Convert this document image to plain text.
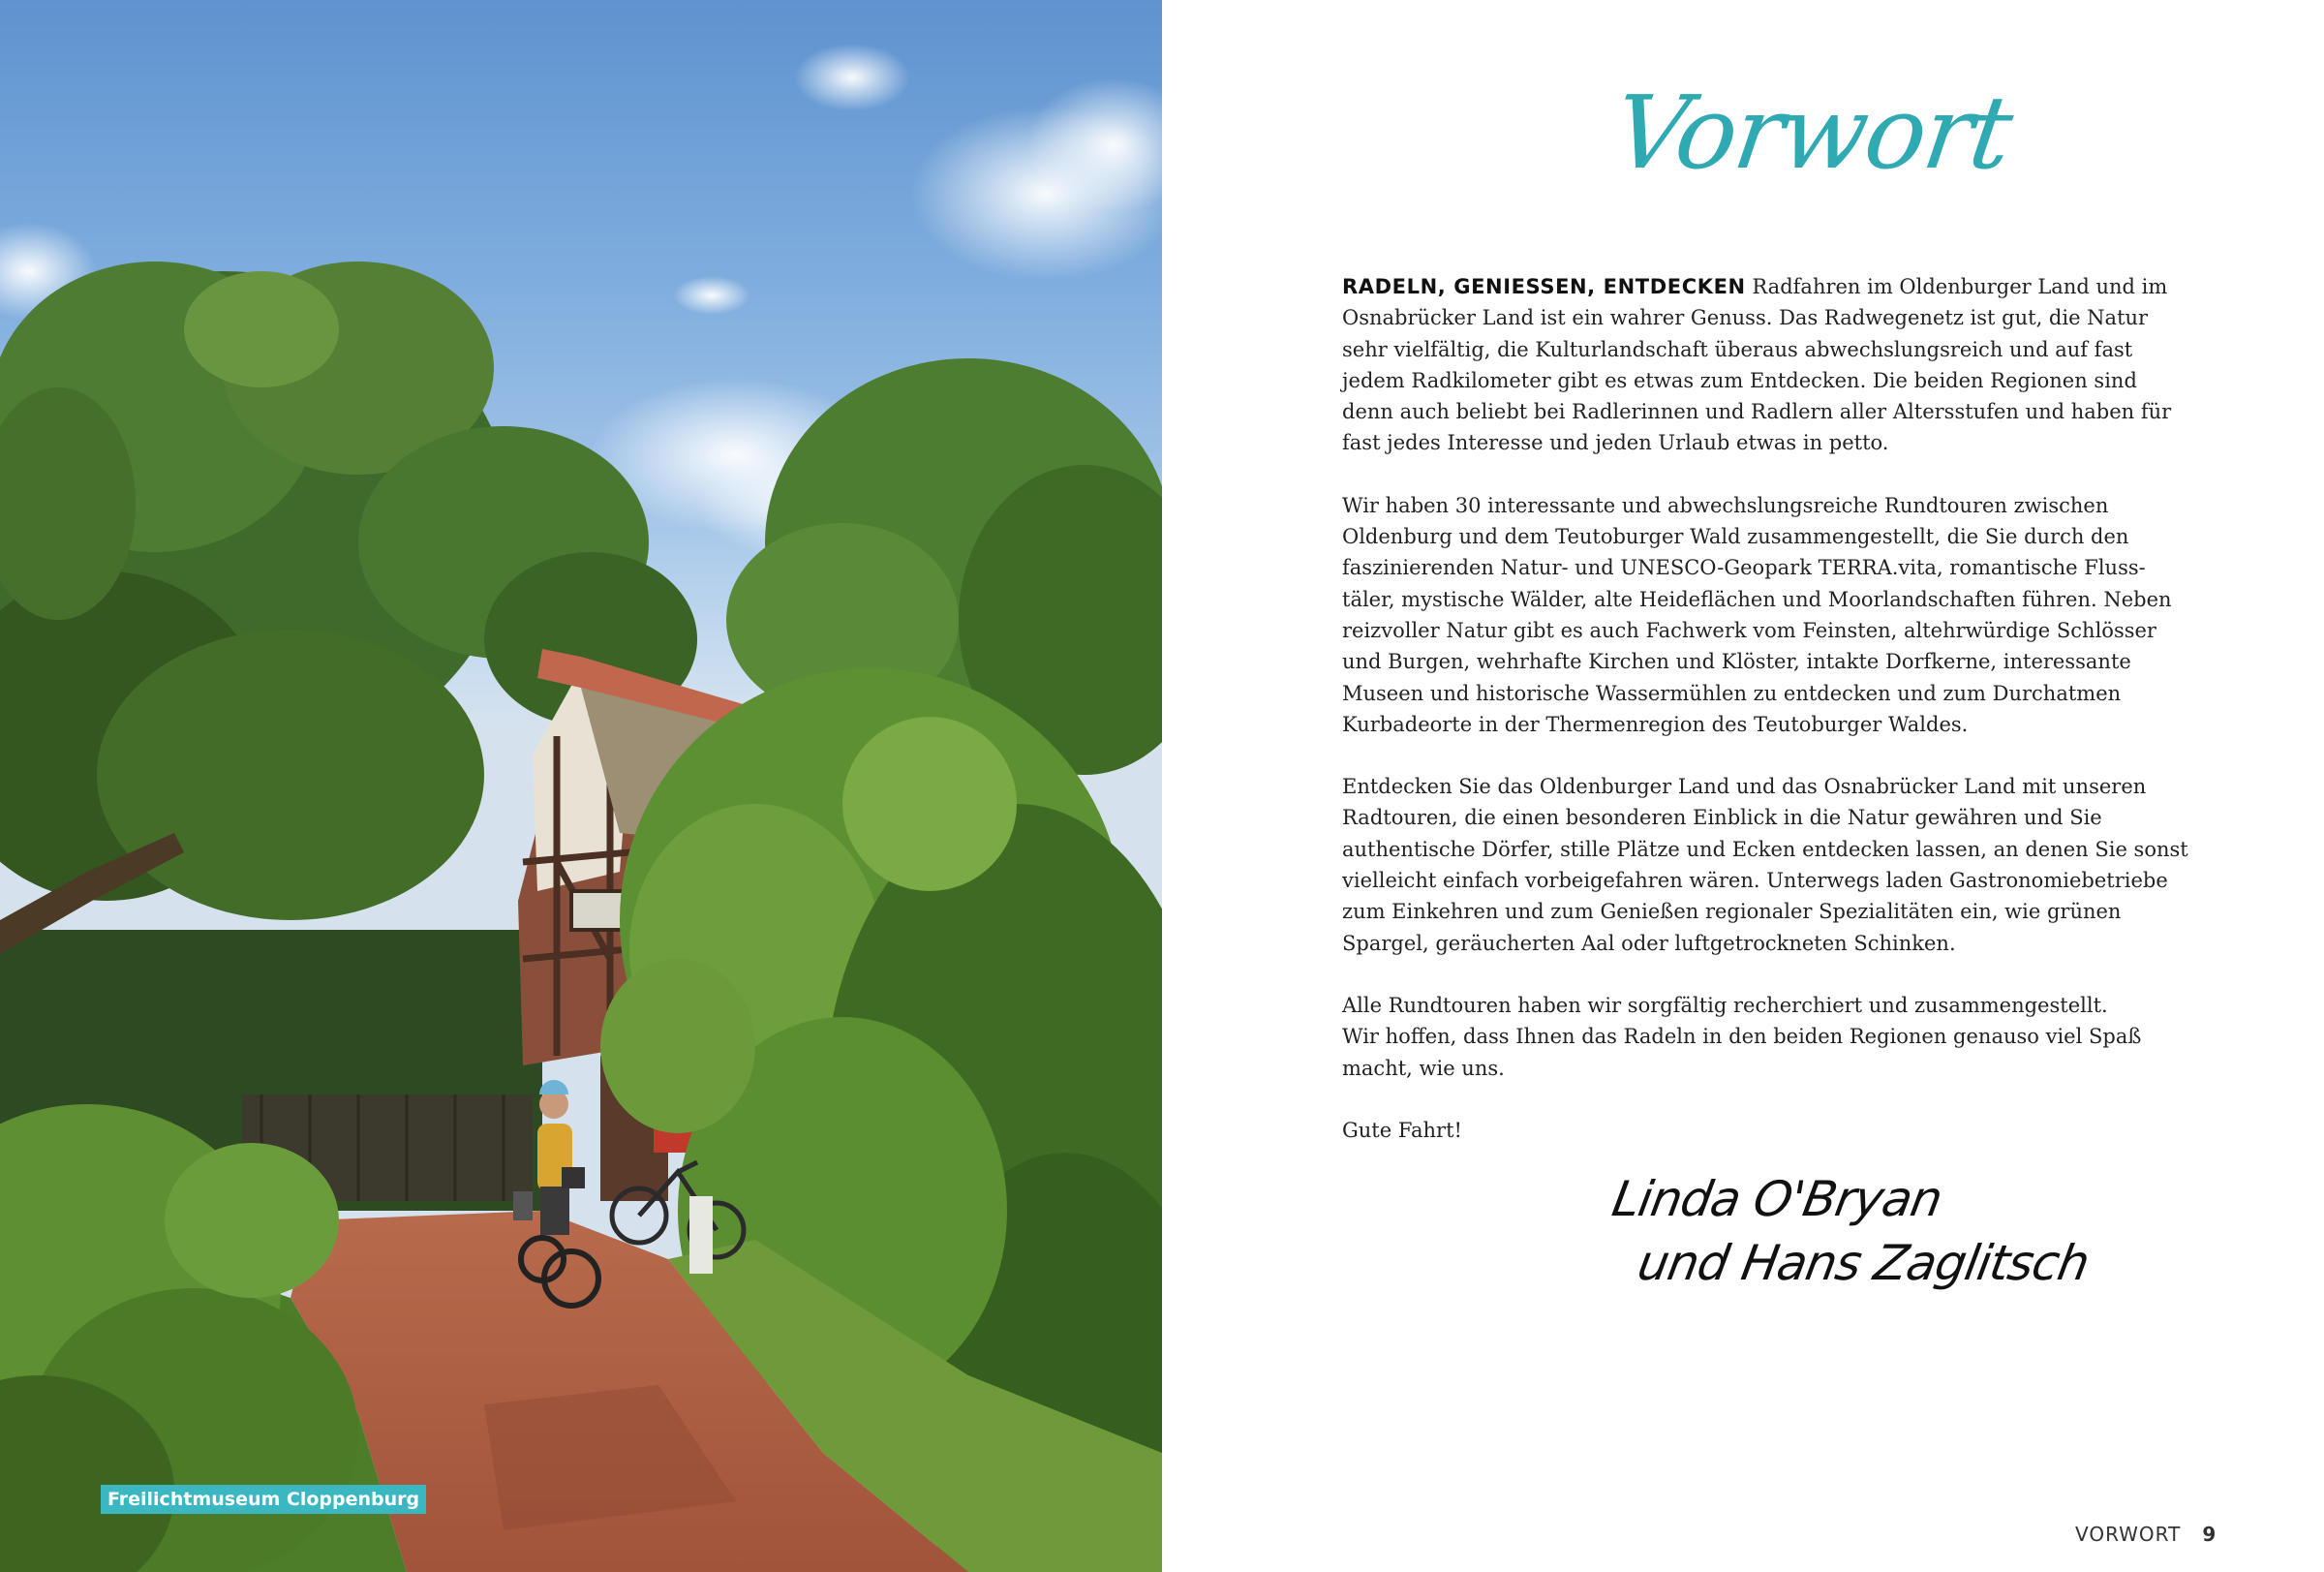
Freilichtmuseum Cloppenburg
Vorwort

RADELN, GENIESSEN, ENTDECKEN Radfahren im Oldenburger Land und im
Osnabrücker Land ist ein wahrer Genuss. Das Radwegenetz ist gut, die Natur
sehr vielfältig, die Kulturlandschaft überaus abwechslungsreich und auf fast
jedem Radkilometer gibt es etwas zum Entdecken. Die beiden Regionen sind
denn auch beliebt bei Radlerinnen und Radlern aller Altersstufen und haben für
fast jedes Interesse und jeden Urlaub etwas in petto.

Wir haben 30 interessante und abwechslungsreiche Rundtouren zwischen
Oldenburg und dem Teutoburger Wald zusammengestellt, die Sie durch den
faszinierenden Natur- und UNESCO-Geopark TERRA.vita, romantische Fluss-
täler, mystische Wälder, alte Heideflächen und Moorlandschaften führen. Neben
reizvoller Natur gibt es auch Fachwerk vom Feinsten, altehrwürdige Schlösser
und Burgen, wehrhafte Kirchen und Klöster, intakte Dorfkerne, interessante
Museen und historische Wassermühlen zu entdecken und zum Durchatmen
Kurbadeorte in der Thermenregion des Teutoburger Waldes.

Entdecken Sie das Oldenburger Land und das Osnabrücker Land mit unseren
Radtouren, die einen besonderen Einblick in die Natur gewähren und Sie
authentische Dörfer, stille Plätze und Ecken entdecken lassen, an denen Sie sonst
vielleicht einfach vorbeigefahren wären. Unterwegs laden Gastronomiebetriebe
zum Einkehren und zum Genießen regionaler Spezialitäten ein, wie grünen
Spargel, geräucherten Aal oder luftgetrockneten Schinken.

Alle Rundtouren haben wir sorgfältig recherchiert und zusammengestellt.
Wir hoffen, dass Ihnen das Radeln in den beiden Regionen genauso viel Spaß
macht, wie uns.

Gute Fahrt!

Linda O'Bryan
und Hans Zaglitsch
VORWORT 9
